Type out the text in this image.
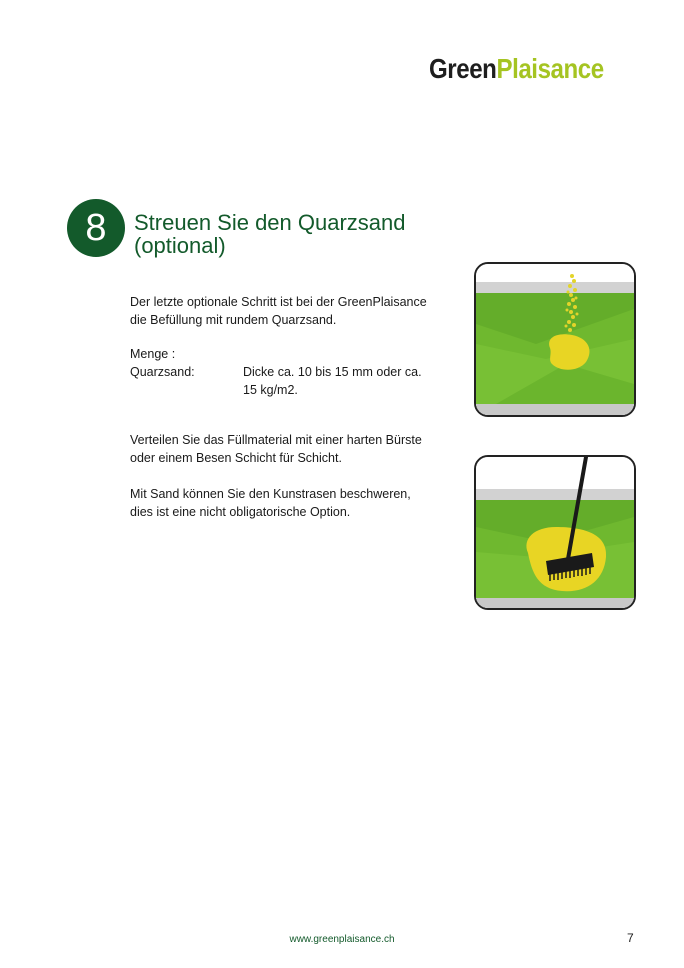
GreenPlaisance
8	Streuen Sie den Quarzsand
(optional)
Der letzte optionale Schritt ist bei der GreenPlaisance
die Befüllung mit rundem Quarzsand.
Menge :
Quarzsand:	Dicke ca. 10 bis 15 mm oder ca.
15 kg/m2.
Verteilen Sie das Füllmaterial mit einer harten Bürste
oder einem Besen Schicht für Schicht.
Mit Sand können Sie den Kunstrasen beschweren,
dies ist eine nicht obligatorische Option.
www.greenplaisance.ch	7
